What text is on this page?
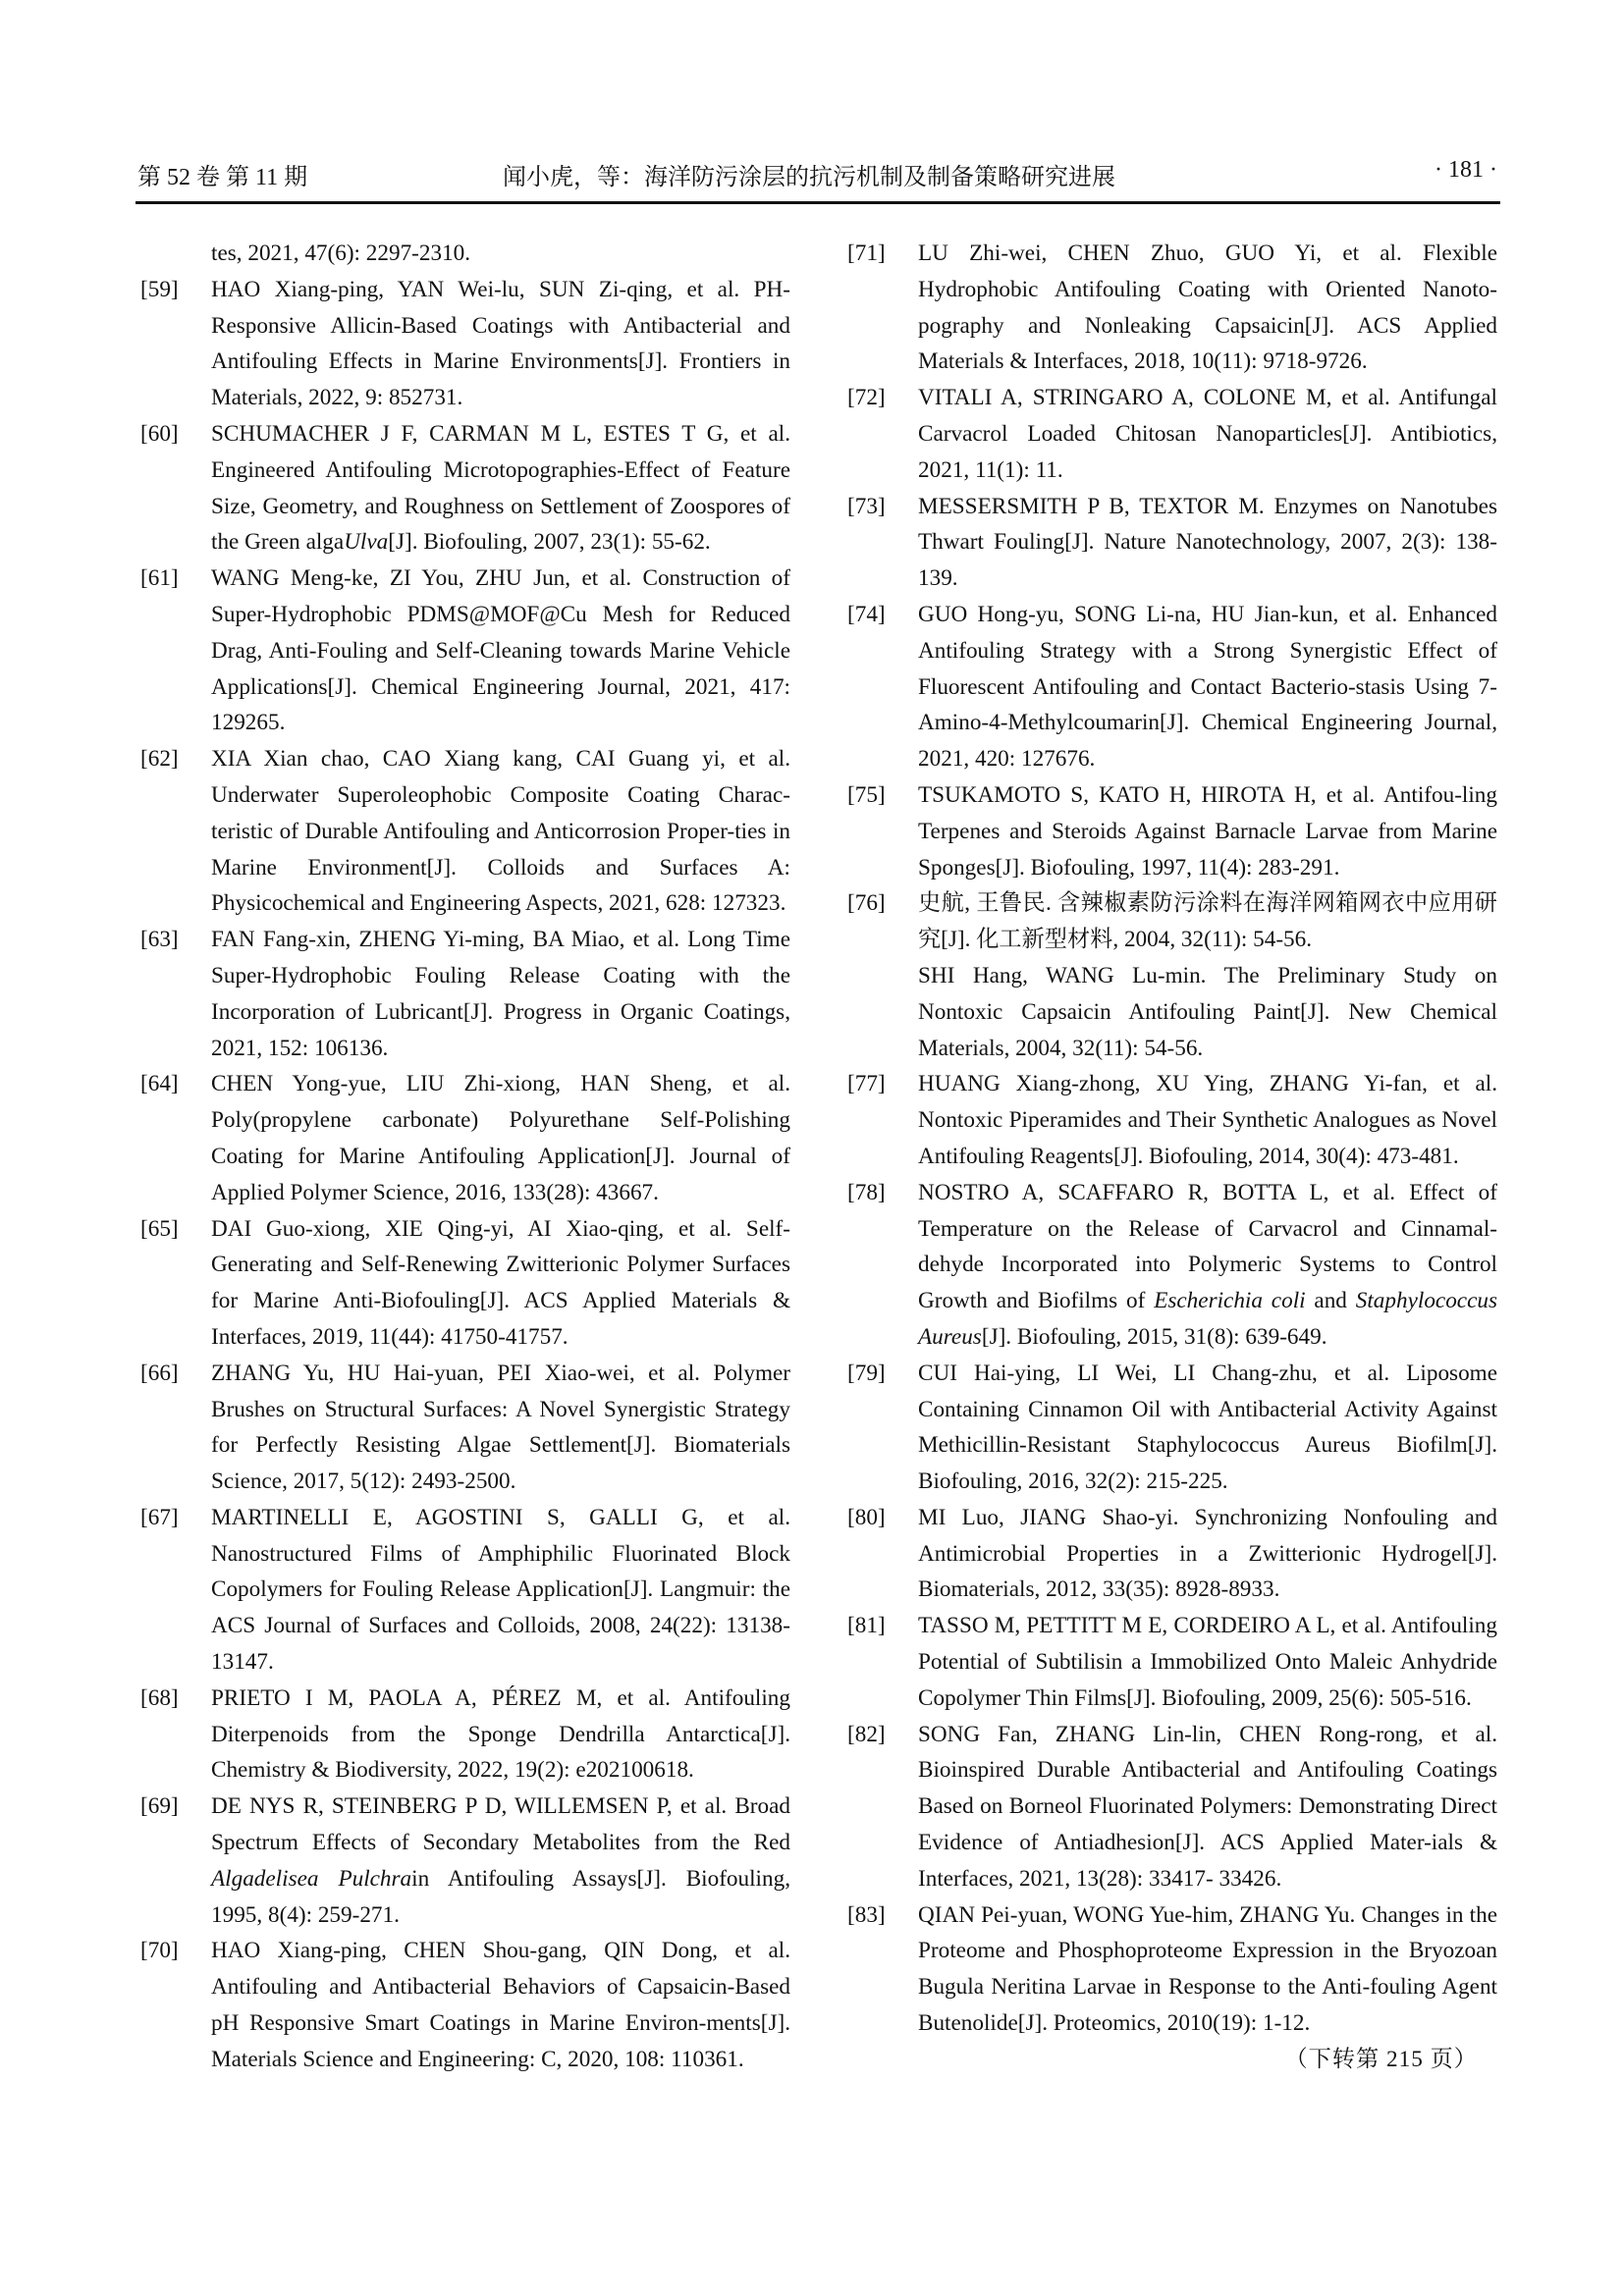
第 52 卷 第 11 期	闻小虎，等：海洋防污涂层的抗污机制及制备策略研究进展	· 181 ·
tes, 2021, 47(6): 2297-2310.
[59] HAO Xiang-ping, YAN Wei-lu, SUN Zi-qing, et al. PH-Responsive Allicin-Based Coatings with Antibacterial and Antifouling Effects in Marine Environments[J]. Frontiers in Materials, 2022, 9: 852731.
[60] SCHUMACHER J F, CARMAN M L, ESTES T G, et al. Engineered Antifouling Microtopographies-Effect of Feature Size, Geometry, and Roughness on Settlement of Zoospores of the Green algaUlva[J]. Biofouling, 2007, 23(1): 55-62.
[61] WANG Meng-ke, ZI You, ZHU Jun, et al. Construction of Super-Hydrophobic PDMS@MOF@Cu Mesh for Reduced Drag, Anti-Fouling and Self-Cleaning towards Marine Vehicle Applications[J]. Chemical Engineering Journal, 2021, 417: 129265.
[62] XIA Xian chao, CAO Xiang kang, CAI Guang yi, et al. Underwater Superoleophobic Composite Coating Charac-teristic of Durable Antifouling and Anticorrosion Proper-ties in Marine Environment[J]. Colloids and Surfaces A: Physicochemical and Engineering Aspects, 2021, 628: 127323.
[63] FAN Fang-xin, ZHENG Yi-ming, BA Miao, et al. Long Time Super-Hydrophobic Fouling Release Coating with the Incorporation of Lubricant[J]. Progress in Organic Coatings, 2021, 152: 106136.
[64] CHEN Yong-yue, LIU Zhi-xiong, HAN Sheng, et al. Poly(propylene carbonate) Polyurethane Self-Polishing Coating for Marine Antifouling Application[J]. Journal of Applied Polymer Science, 2016, 133(28): 43667.
[65] DAI Guo-xiong, XIE Qing-yi, AI Xiao-qing, et al. Self-Generating and Self-Renewing Zwitterionic Polymer Surfaces for Marine Anti-Biofouling[J]. ACS Applied Materials & Interfaces, 2019, 11(44): 41750-41757.
[66] ZHANG Yu, HU Hai-yuan, PEI Xiao-wei, et al. Polymer Brushes on Structural Surfaces: A Novel Synergistic Strategy for Perfectly Resisting Algae Settlement[J]. Biomaterials Science, 2017, 5(12): 2493-2500.
[67] MARTINELLI E, AGOSTINI S, GALLI G, et al. Nanostructured Films of Amphiphilic Fluorinated Block Copolymers for Fouling Release Application[J]. Langmuir: the ACS Journal of Surfaces and Colloids, 2008, 24(22): 13138-13147.
[68] PRIETO I M, PAOLA A, PÉREZ M, et al. Antifouling Diterpenoids from the Sponge Dendrilla Antarctica[J]. Chemistry & Biodiversity, 2022, 19(2): e202100618.
[69] DE NYS R, STEINBERG P D, WILLEMSEN P, et al. Broad Spectrum Effects of Secondary Metabolites from the Red Algadelisea Pulchrain Antifouling Assays[J]. Biofouling, 1995, 8(4): 259-271.
[70] HAO Xiang-ping, CHEN Shou-gang, QIN Dong, et al. Antifouling and Antibacterial Behaviors of Capsaicin-Based pH Responsive Smart Coatings in Marine Environ-ments[J]. Materials Science and Engineering: C, 2020, 108: 110361.
[71] LU Zhi-wei, CHEN Zhuo, GUO Yi, et al. Flexible Hydrophobic Antifouling Coating with Oriented Nanoto-pography and Nonleaking Capsaicin[J]. ACS Applied Materials & Interfaces, 2018, 10(11): 9718-9726.
[72] VITALI A, STRINGARO A, COLONE M, et al. Antifungal Carvacrol Loaded Chitosan Nanoparticles[J]. Antibiotics, 2021, 11(1): 11.
[73] MESSERSMITH P B, TEXTOR M. Enzymes on Nanotubes Thwart Fouling[J]. Nature Nanotechnology, 2007, 2(3): 138-139.
[74] GUO Hong-yu, SONG Li-na, HU Jian-kun, et al. Enhanced Antifouling Strategy with a Strong Synergistic Effect of Fluorescent Antifouling and Contact Bacterio-stasis Using 7-Amino-4-Methylcoumarin[J]. Chemical Engineering Journal, 2021, 420: 127676.
[75] TSUKAMOTO S, KATO H, HIROTA H, et al. Antifou-ling Terpenes and Steroids Against Barnacle Larvae from Marine Sponges[J]. Biofouling, 1997, 11(4): 283-291.
[76] 史航, 王鲁民. 含辣椒素防污涂料在海洋网箱网衣中应用研究[J]. 化工新型材料, 2004, 32(11): 54-56.
SHI Hang, WANG Lu-min. The Preliminary Study on Nontoxic Capsaicin Antifouling Paint[J]. New Chemical Materials, 2004, 32(11): 54-56.
[77] HUANG Xiang-zhong, XU Ying, ZHANG Yi-fan, et al. Nontoxic Piperamides and Their Synthetic Analogues as Novel Antifouling Reagents[J]. Biofouling, 2014, 30(4): 473-481.
[78] NOSTRO A, SCAFFARO R, BOTTA L, et al. Effect of Temperature on the Release of Carvacrol and Cinnamal-dehyde Incorporated into Polymeric Systems to Control Growth and Biofilms of Escherichia coli and Staphylococcus Aureus[J]. Biofouling, 2015, 31(8): 639-649.
[79] CUI Hai-ying, LI Wei, LI Chang-zhu, et al. Liposome Containing Cinnamon Oil with Antibacterial Activity Against Methicillin-Resistant Staphylococcus Aureus Biofilm[J]. Biofouling, 2016, 32(2): 215-225.
[80] MI Luo, JIANG Shao-yi. Synchronizing Nonfouling and Antimicrobial Properties in a Zwitterionic Hydrogel[J]. Biomaterials, 2012, 33(35): 8928-8933.
[81] TASSO M, PETTITT M E, CORDEIRO A L, et al. Antifouling Potential of Subtilisin a Immobilized Onto Maleic Anhydride Copolymer Thin Films[J]. Biofouling, 2009, 25(6): 505-516.
[82] SONG Fan, ZHANG Lin-lin, CHEN Rong-rong, et al. Bioinspired Durable Antibacterial and Antifouling Coatings Based on Borneol Fluorinated Polymers: Demonstrating Direct Evidence of Antiadhesion[J]. ACS Applied Mater-ials & Interfaces, 2021, 13(28): 33417- 33426.
[83] QIAN Pei-yuan, WONG Yue-him, ZHANG Yu. Changes in the Proteome and Phosphoproteome Expression in the Bryozoan Bugula Neritina Larvae in Response to the Anti-fouling Agent Butenolide[J]. Proteomics, 2010(19): 1-12.
（下转第 215 页）
